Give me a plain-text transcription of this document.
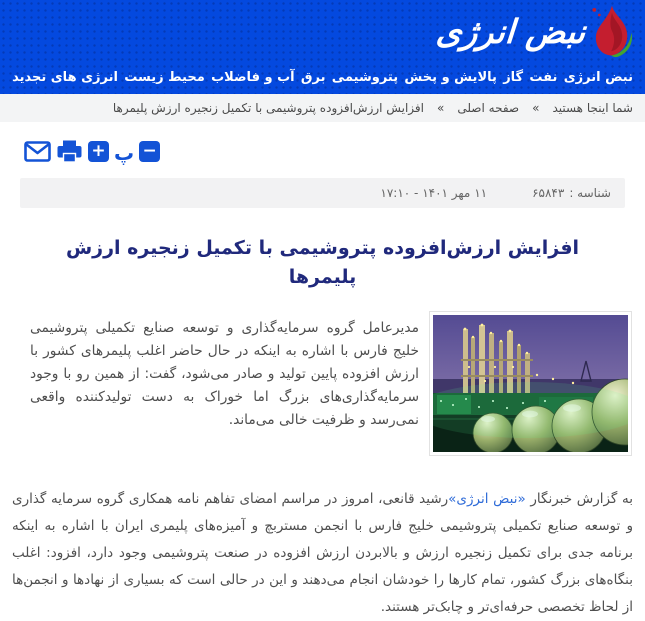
نبض انرژی
نبض انرژی
نفت
گاز
پالایش و پخش
پتروشیمی
برق
آب و فاضلاب
محیط زیست
انرژی های تجدید
شما اینجا هستید
«
صفحه اصلی
«
افزایش ارزش‌افزوده پتروشیمی با تکمیل زنجیره ارزش پلیمرها
+ پ −
شناسه :
۶۵۸۴۳
۱۱ مهر ۱۴۰۱ - ۱۷:۱۰
افزایش ارزش‌افزوده پتروشیمی با تکمیل زنجیره ارزش پلیمرها

مدیرعامل گروه سرمایه‌گذاری و توسعه صنایع تکمیلی پتروشیمی خلیج فارس با اشاره به اینکه در حال حاضر اغلب پلیمرهای کشور با ارزش افزوده پایین تولید و صادر می‌شود، گفت: از همین رو با وجود سرمایه‌گذاری‌های بزرگ اما خوراک به دست تولیدکننده واقعی نمی‌رسد و ظرفیت خالی می‌ماند.

به گزارش خبرنگار «نبض انرژی»رشید قانعی، امروز در مراسم امضای تفاهم نامه همکاری گروه سرمایه گذاری و توسعه صنایع تکمیلی پتروشیمی خلیج فارس با انجمن مستربچ و آمیزه‌های پلیمری ایران با اشاره به اینکه برنامه جدی برای تکمیل زنجیره ارزش و بالابردن ارزش افزوده در صنعت پتروشیمی وجود دارد، افزود: اغلب بنگاه‌های بزرگ کشور، تمام کارها را خودشان انجام می‌دهند و این در حالی است که بسیاری از نهادها و انجمن‌ها از لحاظ تخصصی حرفه‌ای‌تر و چابک‌تر هستند.
